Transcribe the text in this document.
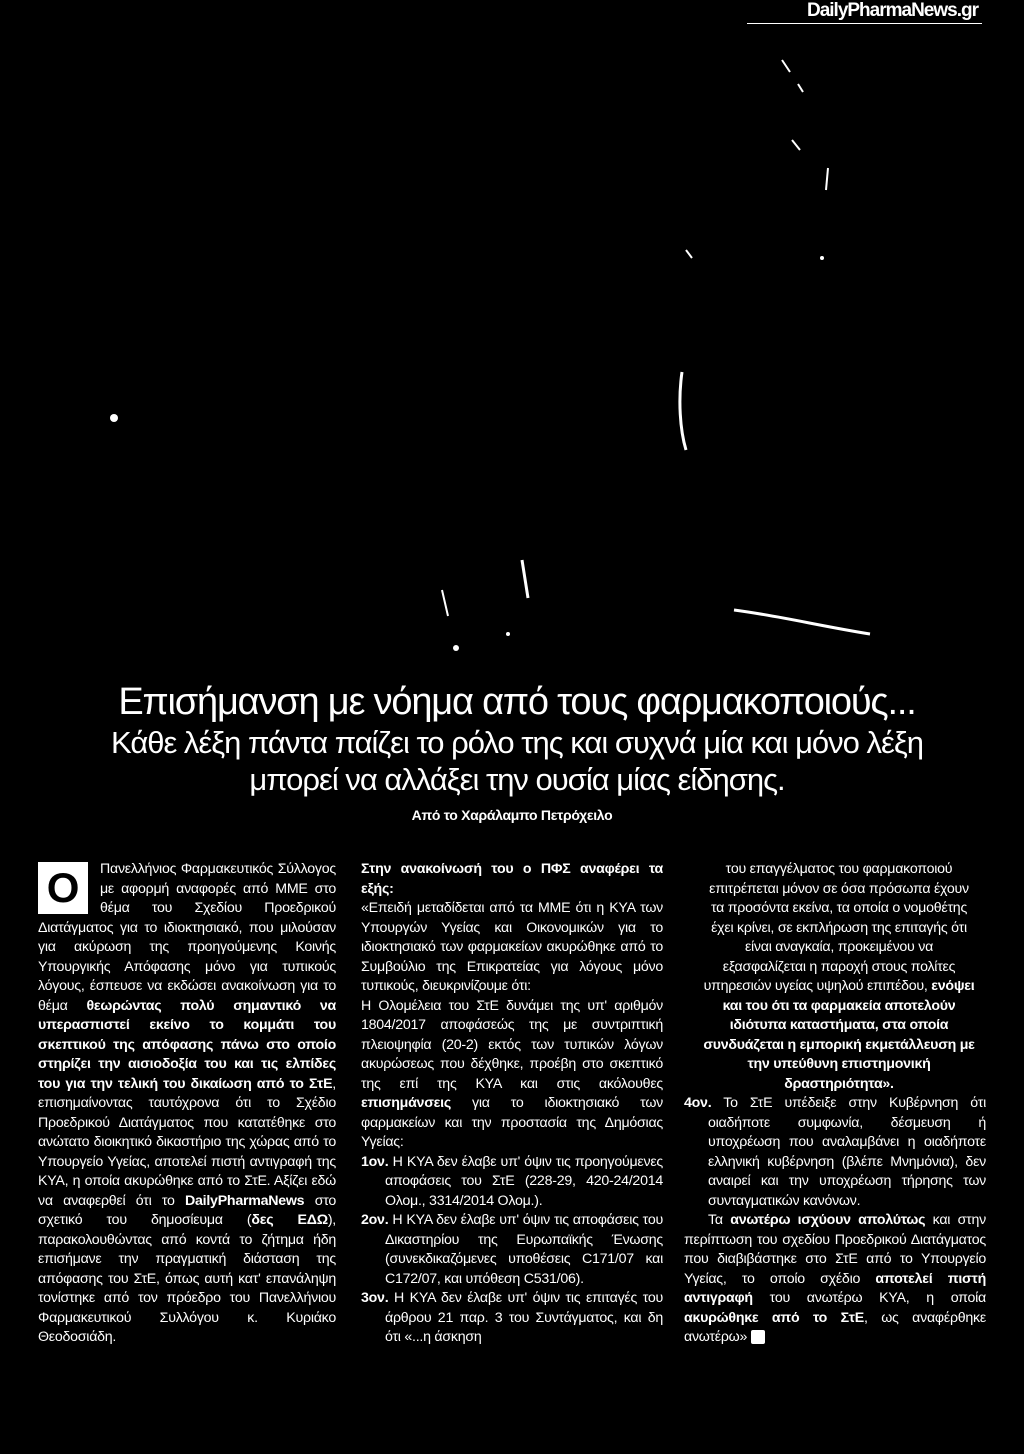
DailyPharmaNews.gr
Επισήμανση με νόημα από τους φαρμακοποιούς...
Κάθε λέξη πάντα παίζει το ρόλο της και συχνά μία και μόνο λέξη μπορεί να αλλάξει την ουσία μίας είδησης.
Από το Χαράλαμπο Πετρόχειλο

Ο	Πανελλήνιος Φαρμακευτικός Σύλλογος με αφορμή αναφορές από ΜΜΕ στο θέμα του Σχεδίου Προεδρικού Διατάγματος για το ιδιοκτησιακό, που μιλούσαν για ακύρωση της προηγούμενης Κοινής Υπουργικής Απόφασης μόνο για τυπικούς λόγους, έσπευσε να εκδώσει ανακοίνωση για το θέμα θεωρώντας πολύ σημαντικό να υπερασπιστεί εκείνο το κομμάτι του σκεπτικού της απόφασης πάνω στο οποίο στηρίζει την αισιοδοξία του και τις ελπίδες του για την τελική του δικαίωση από το ΣτΕ, επισημαίνοντας ταυτόχρονα ότι το Σχέδιο Προεδρικού Διατάγματος που κατατέθηκε στο ανώτατο διοικητικό δικαστήριο της χώρας από το Υπουργείο Υγείας, αποτελεί πιστή αντιγραφή της ΚΥΑ, η οποία ακυρώθηκε από το ΣτΕ. Αξίζει εδώ να αναφερθεί ότι το DailyPharmaNews στο σχετικό του δημοσίευμα (δες ΕΔΩ), παρακολουθώντας από κοντά το ζήτημα ήδη επισήμανε την πραγματική διάσταση της απόφασης του ΣτΕ, όπως αυτή κατ' επανάληψη τονίστηκε από τον πρόεδρο του Πανελλήνιου Φαρμακευτικού Συλλόγου κ. Κυριάκο Θεοδοσιάδη.

Στην ανακοίνωσή του ο ΠΦΣ αναφέρει τα εξής:

«Επειδή μεταδίδεται από τα ΜΜΕ ότι η ΚΥΑ των Υπουργών Υγείας και Οικονομικών για το ιδιοκτησιακό των φαρμακείων ακυρώθηκε από το Συμβούλιο της Επικρατείας για λόγους μόνο τυπικούς, διευκρινίζουμε ότι:

Η Ολομέλεια του ΣτΕ δυνάμει της υπ' αριθμόν 1804/2017 αποφάσεώς της με συντριπτική πλειοψηφία (20-2) εκτός των τυπικών λόγων ακυρώσεως που δέχθηκε, προέβη στο σκεπτικό της επί της ΚΥΑ και στις ακόλουθες επισημάνσεις για το ιδιοκτησιακό των φαρμακείων και την προστασία της Δημόσιας Υγείας:

1ον. Η ΚΥΑ δεν έλαβε υπ' όψιν τις προηγούμενες αποφάσεις του ΣτΕ (228-29, 420-24/2014 Ολομ., 3314/2014 Ολομ.).

2ον. Η ΚΥΑ δεν έλαβε υπ' όψιν τις αποφάσεις του Δικαστηρίου της Ευρωπαϊκής Ένωσης (συνεκδικαζόμενες υποθέσεις C171/07 και C172/07, και υπόθεση C531/06).

3ον. Η ΚΥΑ δεν έλαβε υπ' όψιν τις επιταγές του άρθρου 21 παρ. 3 του Συντάγματος, και δη ότι «...η άσκηση

του επαγγέλματος του φαρμακοποιού επιτρέπεται μόνον σε όσα πρόσωπα έχουν τα προσόντα εκείνα, τα οποία ο νομοθέτης έχει κρίνει, σε εκπλήρωση της επιταγής ότι είναι αναγκαία, προκειμένου να εξασφαλίζεται η παροχή στους πολίτες υπηρεσιών υγείας υψηλού επιπέδου, ενόψει και του ότι τα φαρμακεία αποτελούν ιδιότυπα καταστήματα, στα οποία συνδυάζεται η εμπορική εκμετάλλευση με την υπεύθυνη επιστημονική δραστηριότητα».

4ον. Το ΣτΕ υπέδειξε στην Κυβέρνηση ότι οιαδήποτε συμφωνία, δέσμευση ή υποχρέωση που αναλαμβάνει η οιαδήποτε ελληνική κυβέρνηση (βλέπε Μνημόνια), δεν αναιρεί και την υποχρέωση τήρησης των συνταγματικών κανόνων.

Τα ανωτέρω ισχύουν απολύτως και στην περίπτωση του σχεδίου Προεδρικού Διατάγματος που διαβιβάστηκε στο ΣτΕ από το Υπουργείο Υγείας, το οποίο σχέδιο αποτελεί πιστή αντιγραφή του ανωτέρω ΚΥΑ, η οποία ακυρώθηκε από το ΣτΕ, ως αναφέρθηκε ανωτέρω»	D
